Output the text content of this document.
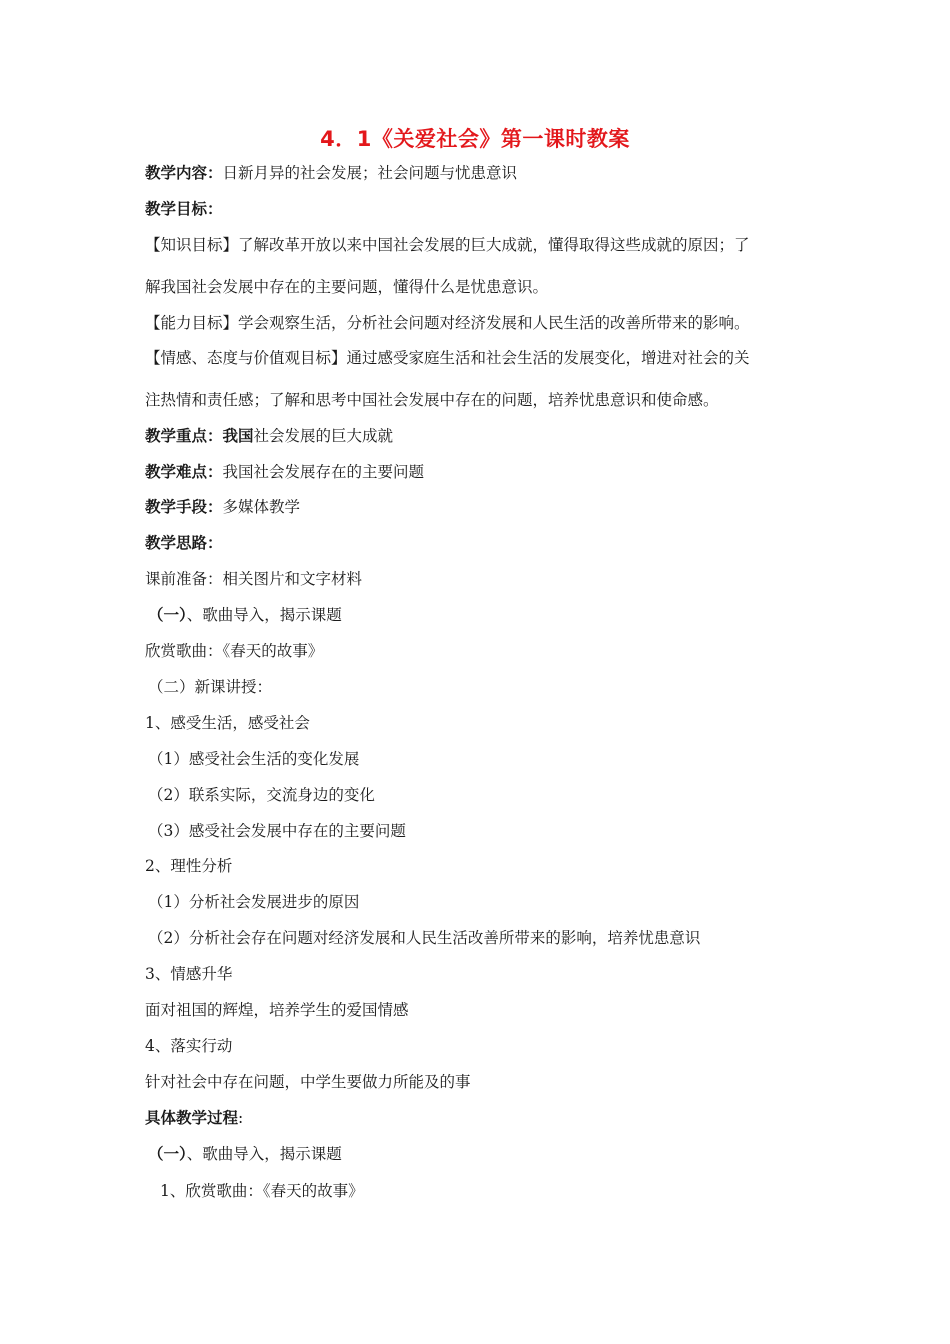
4．1《关爱社会》第一课时教案
教学内容：日新月异的社会发展；社会问题与忧患意识
教学目标：
【知识目标】了解改革开放以来中国社会发展的巨大成就，懂得取得这些成就的原因；了
解我国社会发展中存在的主要问题，懂得什么是忧患意识。
【能力目标】学会观察生活，分析社会问题对经济发展和人民生活的改善所带来的影响。
【情感、态度与价值观目标】通过感受家庭生活和社会生活的发展变化，增进对社会的关
注热情和责任感；了解和思考中国社会发展中存在的问题，培养忧患意识和使命感。
教学重点：我国社会发展的巨大成就
教学难点：我国社会发展存在的主要问题
教学手段：多媒体教学
教学思路：
课前准备：相关图片和文字材料
（一）、歌曲导入，揭示课题
欣赏歌曲：《春天的故事》
（二）新课讲授：
1、感受生活，感受社会
（1）感受社会生活的变化发展
（2）联系实际，交流身边的变化
（3）感受社会发展中存在的主要问题
2、理性分析
（1）分析社会发展进步的原因
（2）分析社会存在问题对经济发展和人民生活改善所带来的影响，培养忧患意识
3、情感升华
面对祖国的辉煌，培养学生的爱国情感
4、落实行动
针对社会中存在问题，中学生要做力所能及的事
具体教学过程:
（一）、歌曲导入，揭示课题
1、欣赏歌曲：《春天的故事》
